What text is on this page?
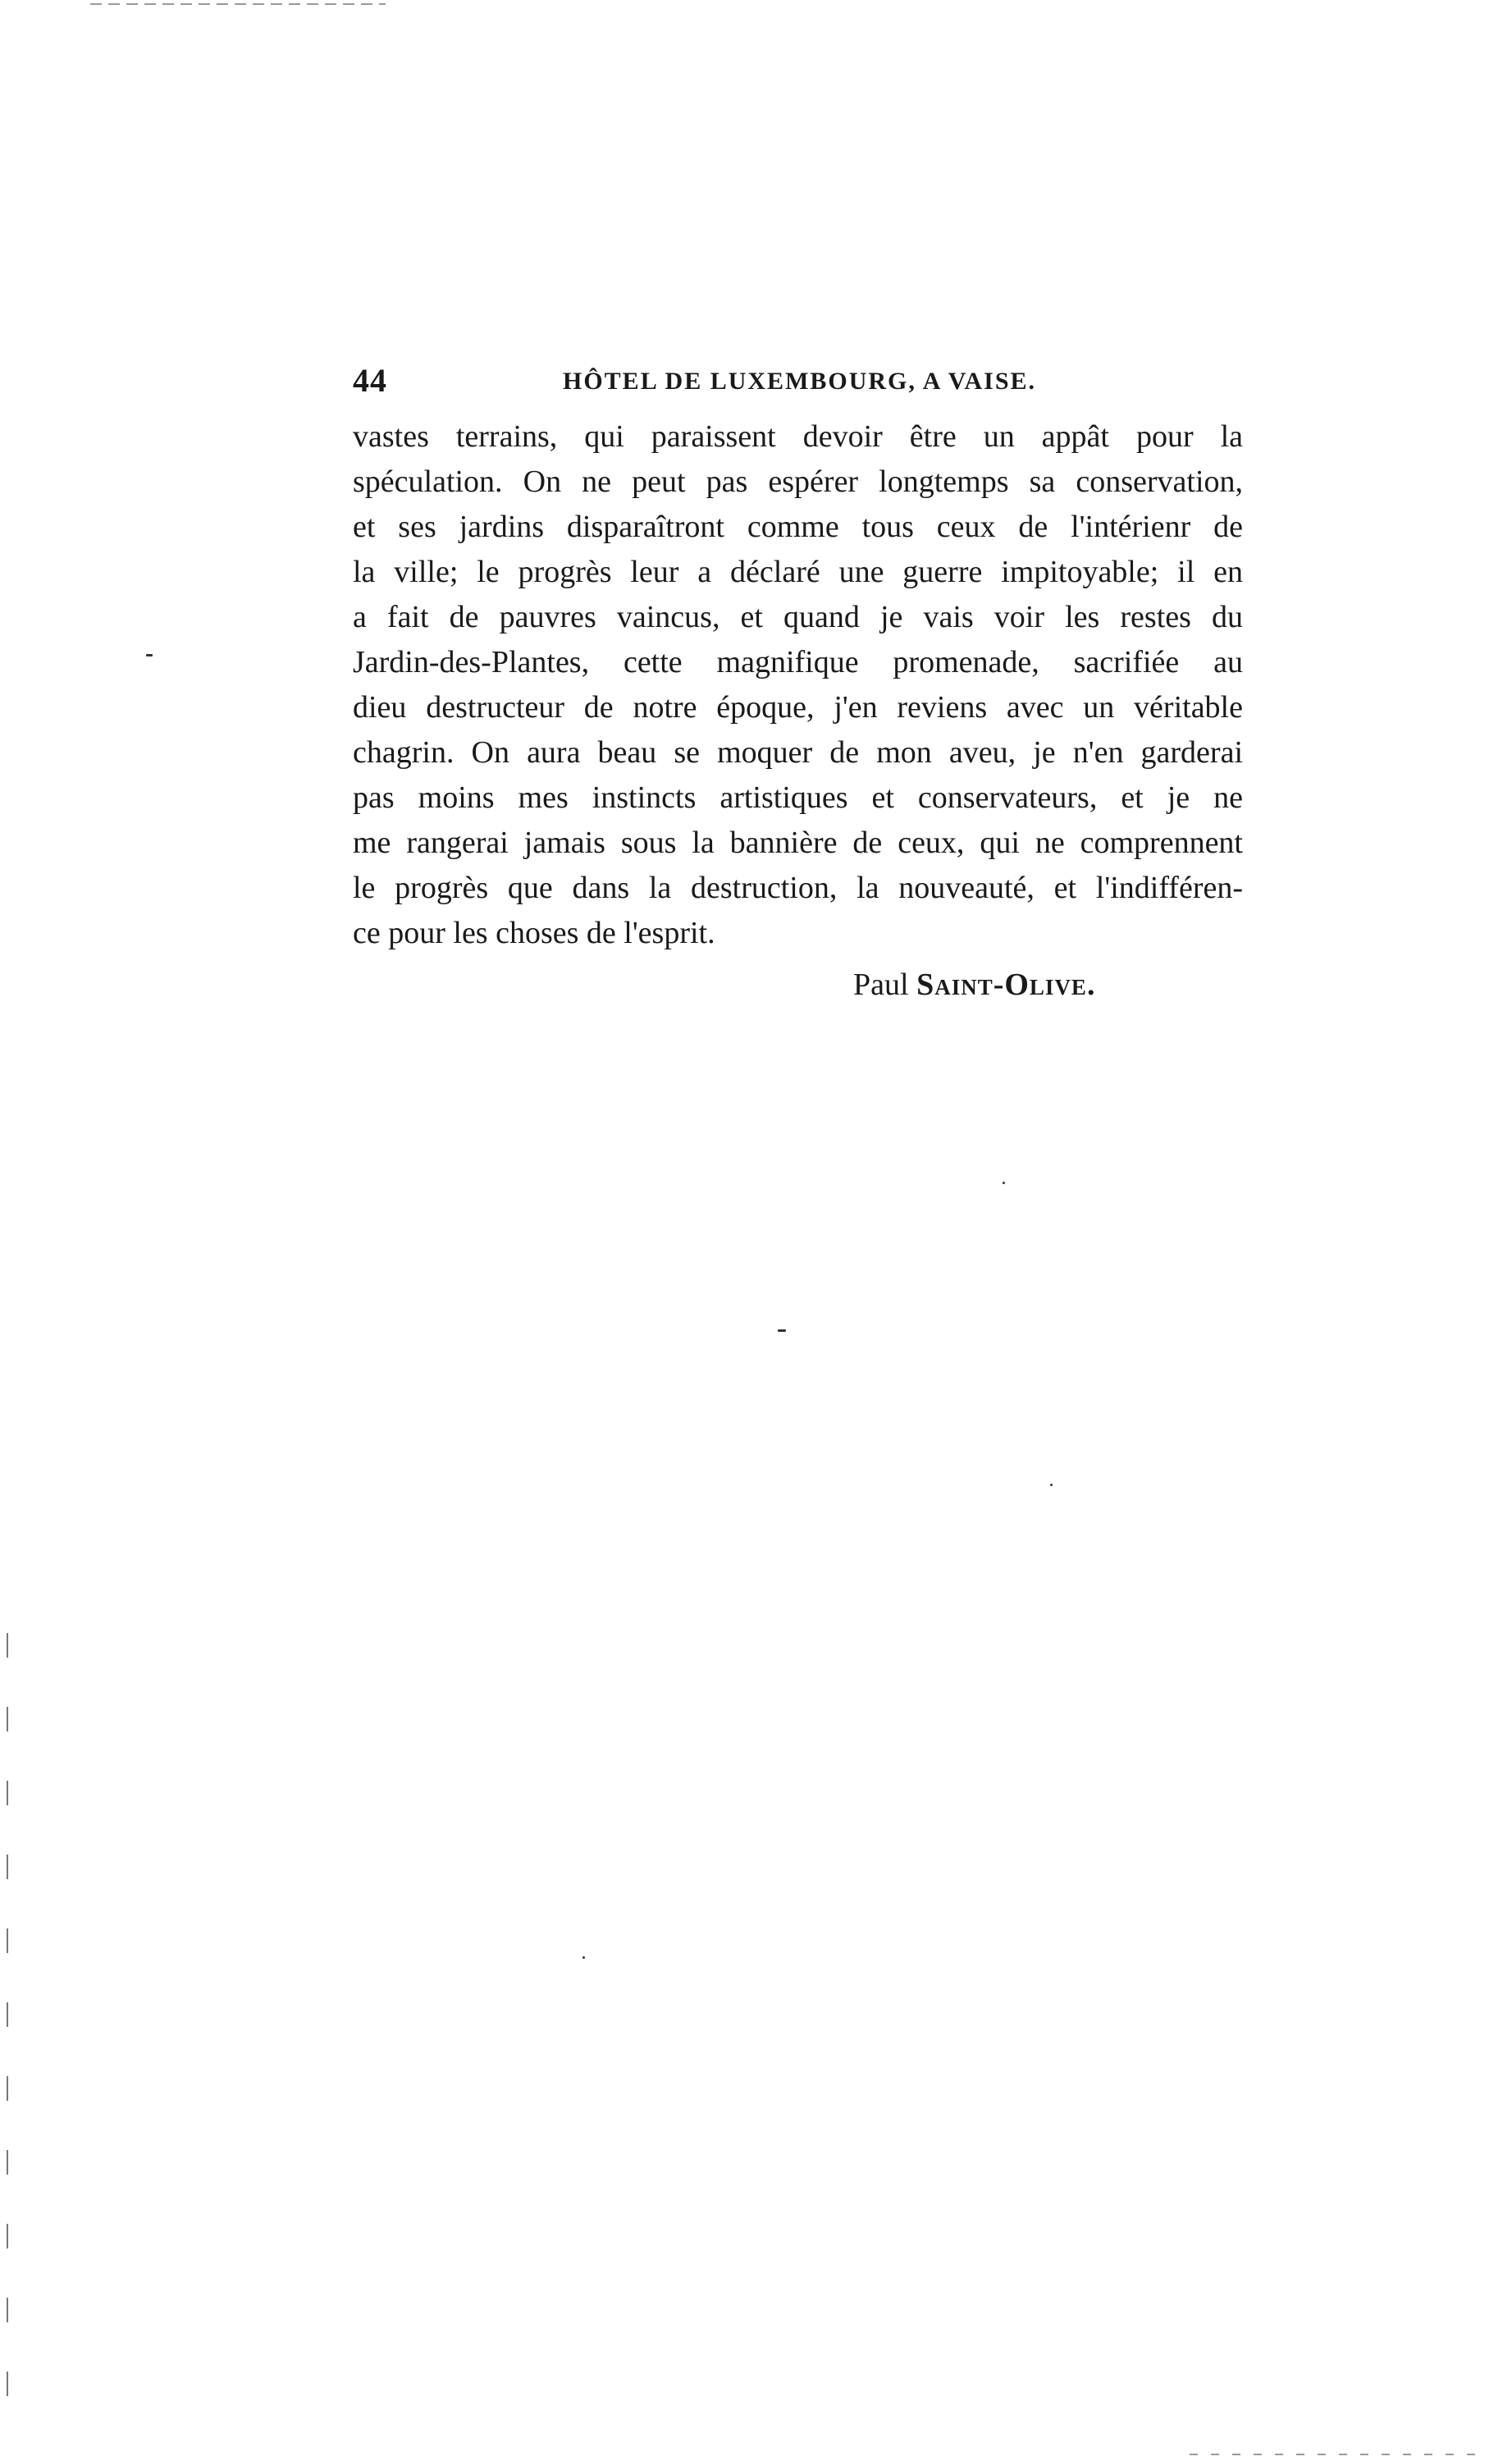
44	HÔTEL DE LUXEMBOURG, A VAISE.
vastes terrains, qui paraissent devoir être un appât pour la
spéculation. On ne peut pas espérer longtemps sa conservation,
et ses jardins disparaîtront comme tous ceux de l'intérienr de
la ville; le progrès leur a déclaré une guerre impitoyable; il en
a fait de pauvres vaincus, et quand je vais voir les restes du
Jardin-des-Plantes, cette magnifique promenade, sacrifiée au
dieu destructeur de notre époque, j'en reviens avec un véritable
chagrin. On aura beau se moquer de mon aveu, je n'en garderai
pas moins mes instincts artistiques et conservateurs, et je ne
me rangerai jamais sous la bannière de ceux, qui ne comprennent
le progrès que dans la destruction, la nouveauté, et l'indifféren-
ce pour les choses de l'esprit.
Paul Saint-Olive.
